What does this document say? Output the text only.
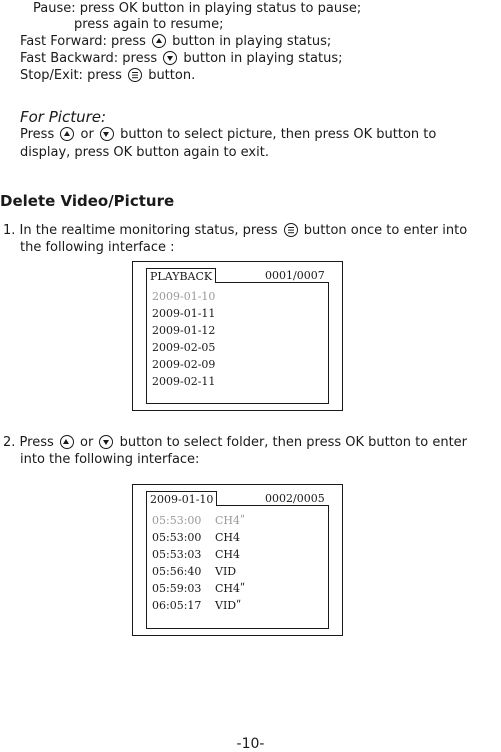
Pause: press OK button in playing status to pause;
press again to resume;
Fast Forward: press  button in playing status;
Fast Backward: press  button in playing status;
Stop/Exit: press  button.
For Picture:
Press  or  button to select picture, then press OK button to
display, press OK button again to exit.
Delete Video/Picture
1. In the realtime monitoring status, press  button once to enter into
the following interface :
PLAYBACK	0001/0007
2009-01-10
2009-01-11
2009-01-12
2009-02-05
2009-02-09
2009-02-11
2. Press  or  button to select folder, then press OK button to enter
into the following interface:
2009-01-10	0002/0005
05:53:00 CH4ʺ
05:53:00 CH4
05:53:03 CH4
05:56:40 VID
05:59:03 CH4ʺ
06:05:17 VIDʺ
-10-
